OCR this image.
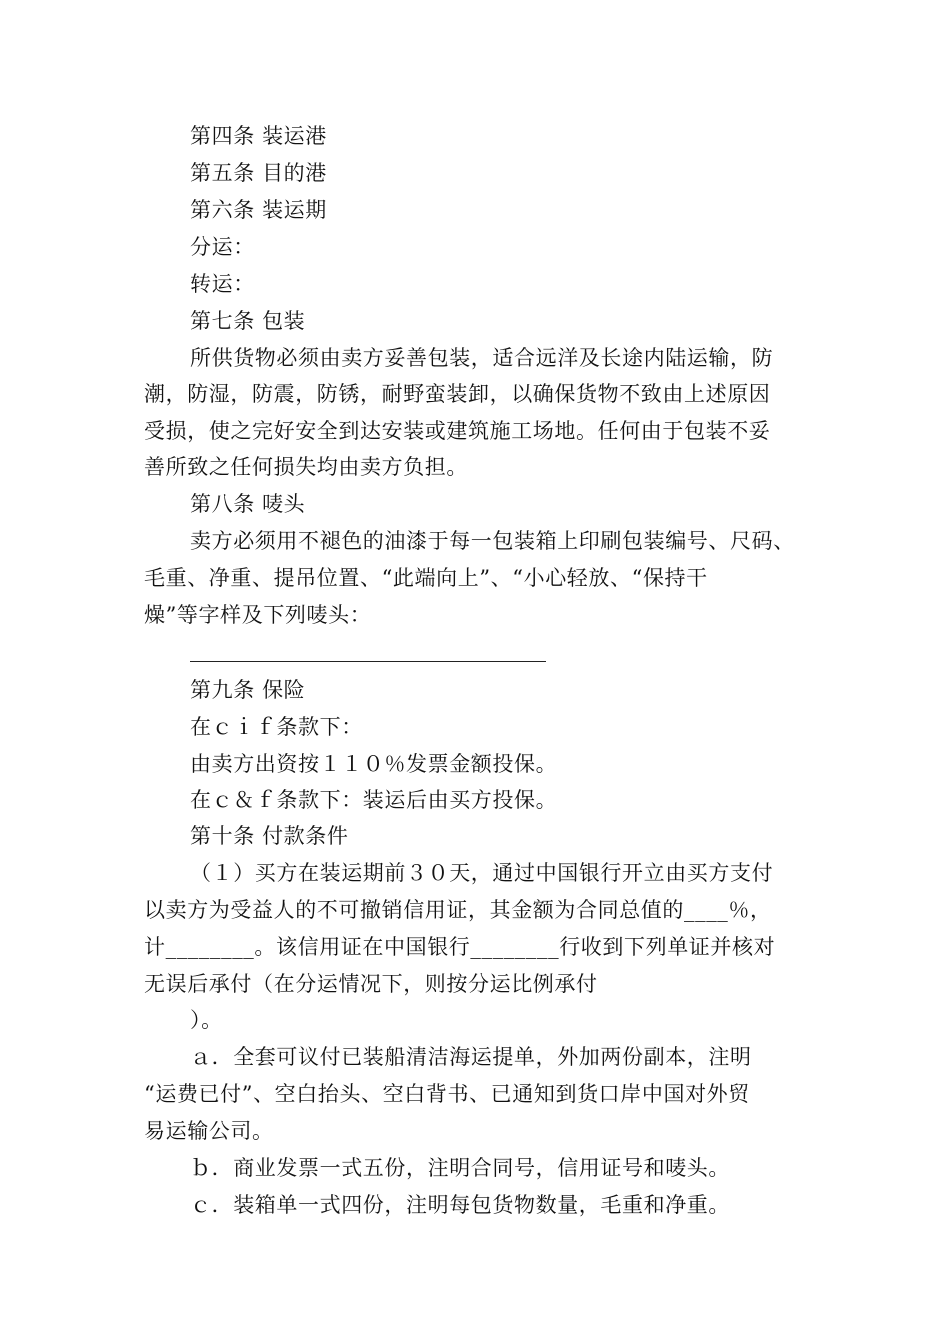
第四条 装运港
第五条 目的港
第六条 装运期
分运：
转运：
第七条 包装
所供货物必须由卖方妥善包装，适合远洋及长途内陆运输，防
潮，防湿，防震，防锈，耐野蛮装卸，以确保货物不致由上述原因
受损，使之完好安全到达安装或建筑施工场地。任何由于包装不妥
善所致之任何损失均由卖方负担。
第八条 唛头
卖方必须用不褪色的油漆于每一包装箱上印刷包装编号、尺码、
毛重、净重、提吊位置、“此端向上”、“小心轻放、“保持干
燥”等字样及下列唛头：
第九条 保险
在ｃｉｆ条款下：
由卖方出资按１１０％发票金额投保。
在ｃ＆ｆ条款下：装运后由买方投保。
第十条 付款条件
（１）买方在装运期前３０天，通过中国银行开立由买方支付
以卖方为受益人的不可撤销信用证，其金额为合同总值的____％，
计________。该信用证在中国银行________行收到下列单证并核对
无误后承付（在分运情况下，则按分运比例承付
）。
ａ．全套可议付已装船清洁海运提单，外加两份副本，注明
“运费已付”、空白抬头、空白背书、已通知到货口岸中国对外贸
易运输公司。
ｂ．商业发票一式五份，注明合同号，信用证号和唛头。
ｃ．装箱单一式四份，注明每包货物数量，毛重和净重。
